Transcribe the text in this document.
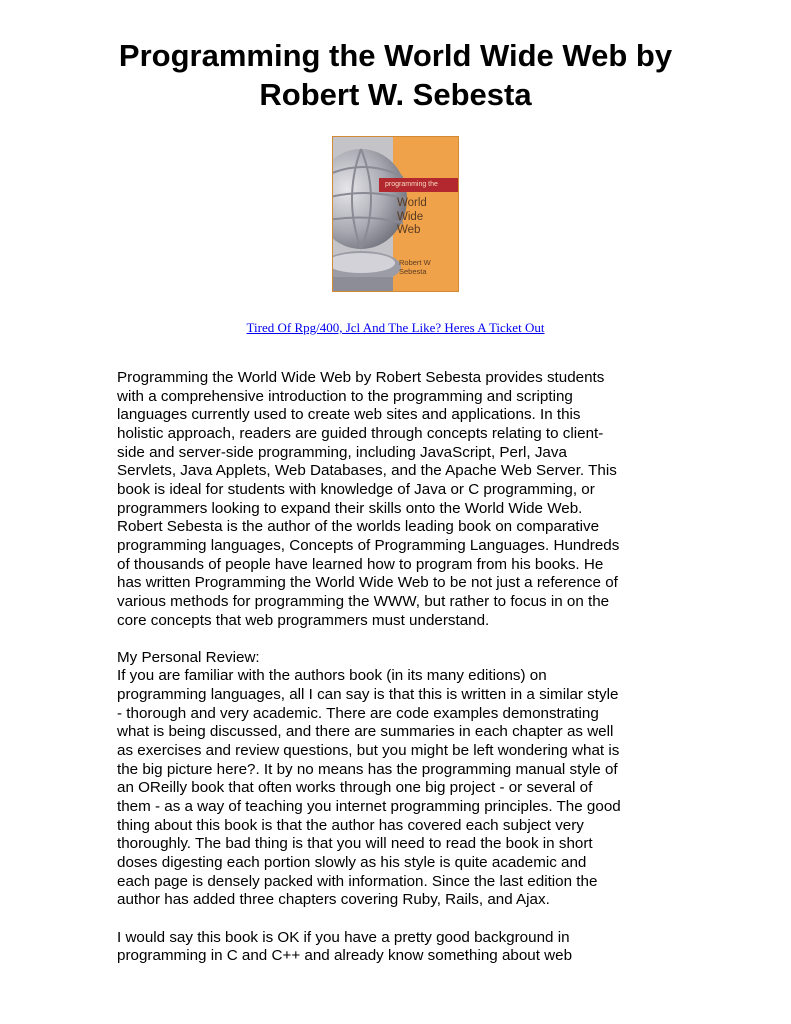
Programming the World Wide Web by
Robert W. Sebesta
programming the
World
Wide
Web
Robert W
Sebesta
Tired Of Rpg/400, Jcl And The Like? Heres A Ticket Out

Programming the World Wide Web by Robert Sebesta provides students
with a comprehensive introduction to the programming and scripting
languages currently used to create web sites and applications. In this
holistic approach, readers are guided through concepts relating to client-
side and server-side programming, including JavaScript, Perl, Java
Servlets, Java Applets, Web Databases, and the Apache Web Server. This
book is ideal for students with knowledge of Java or C programming, or
programmers looking to expand their skills onto the World Wide Web.
Robert Sebesta is the author of the worlds leading book on comparative
programming languages, Concepts of Programming Languages. Hundreds
of thousands of people have learned how to program from his books. He
has written Programming the World Wide Web to be not just a reference of
various methods for programming the WWW, but rather to focus in on the
core concepts that web programmers must understand.

My Personal Review:
If you are familiar with the authors book (in its many editions) on
programming languages, all I can say is that this is written in a similar style
- thorough and very academic. There are code examples demonstrating
what is being discussed, and there are summaries in each chapter as well
as exercises and review questions, but you might be left wondering what is
the big picture here?. It by no means has the programming manual style of
an OReilly book that often works through one big project - or several of
them - as a way of teaching you internet programming principles. The good
thing about this book is that the author has covered each subject very
thoroughly. The bad thing is that you will need to read the book in short
doses digesting each portion slowly as his style is quite academic and
each page is densely packed with information. Since the last edition the
author has added three chapters covering Ruby, Rails, and Ajax.

I would say this book is OK if you have a pretty good background in
programming in C and C++ and already know something about web
